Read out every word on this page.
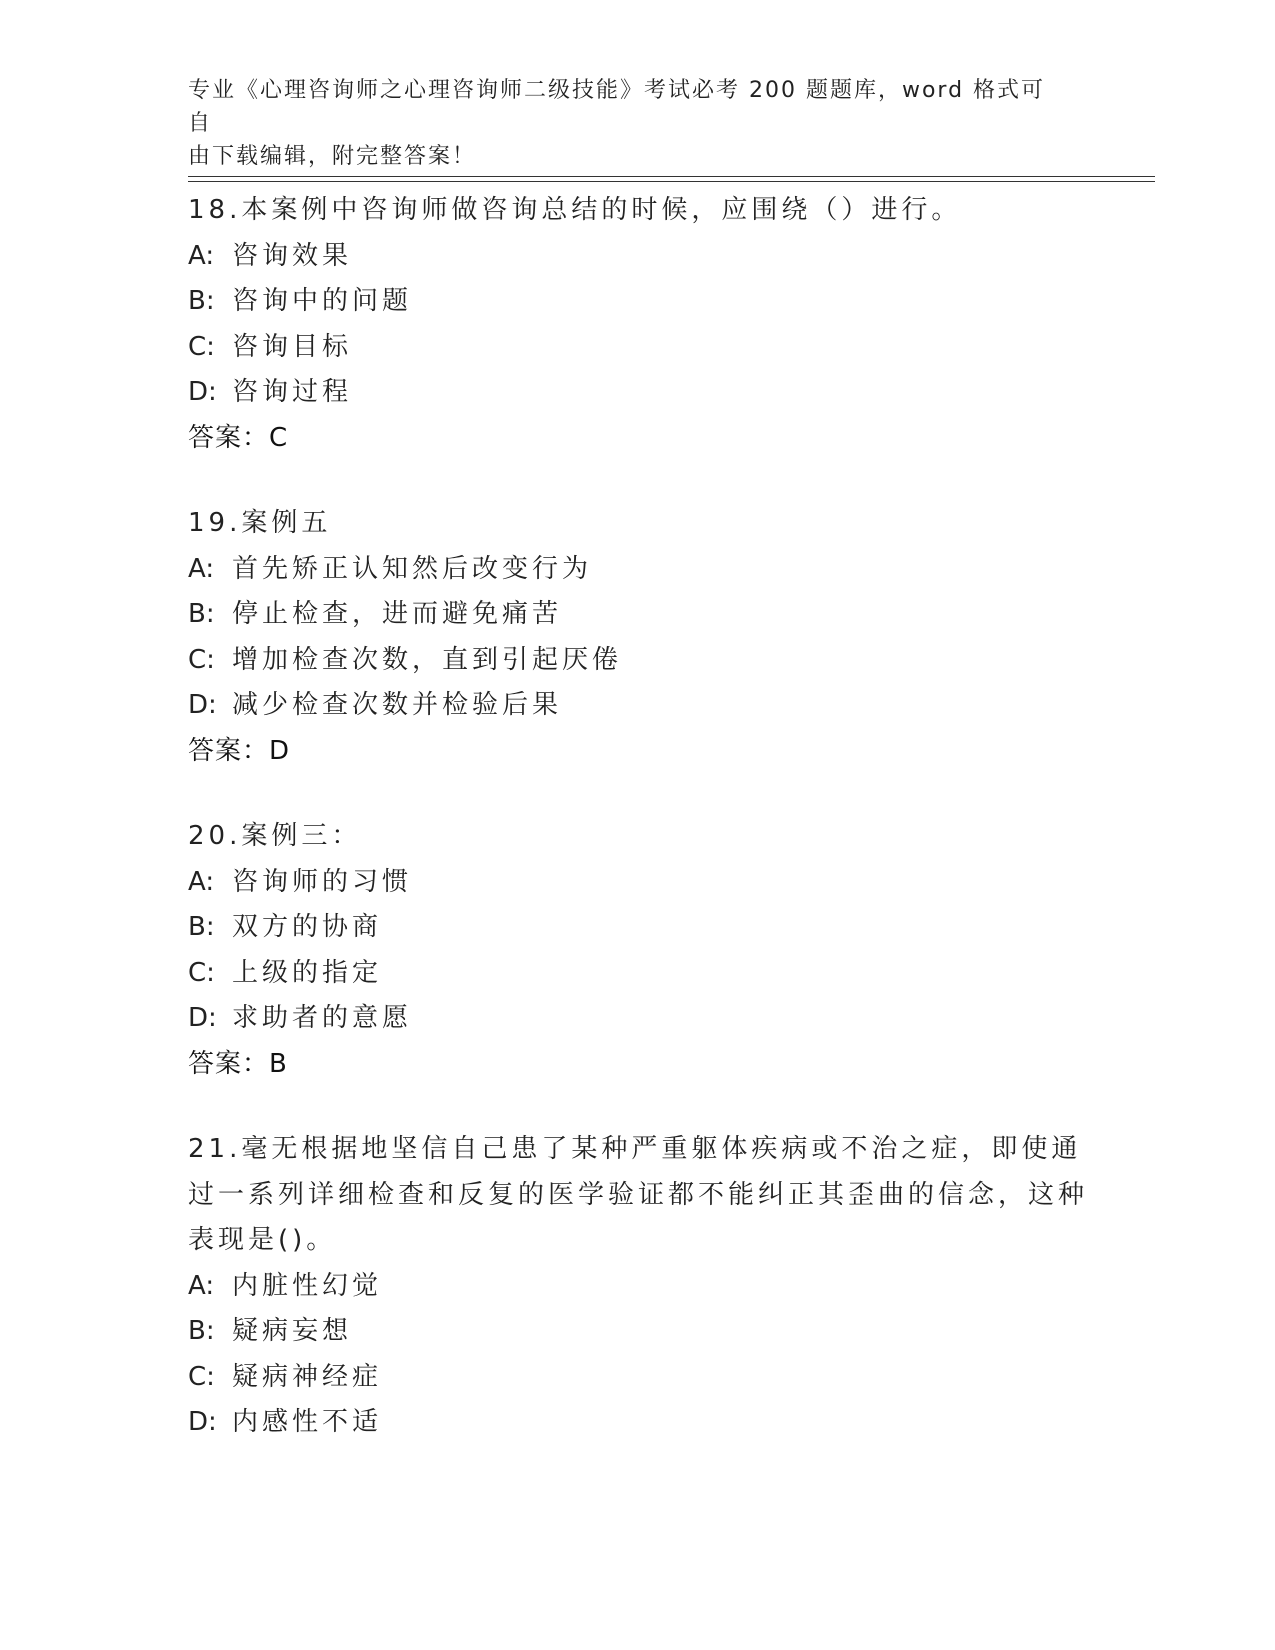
专业《心理咨询师之心理咨询师二级技能》考试必考 200 题题库，word 格式可自
由下载编辑，附完整答案！

18.本案例中咨询师做咨询总结的时候，应围绕（）进行。

A: 咨询效果

B: 咨询中的问题

C: 咨询目标

D: 咨询过程

答案：C

19.案例五

A: 首先矫正认知然后改变行为

B: 停止检查，进而避免痛苦

C: 增加检查次数，直到引起厌倦

D: 减少检查次数并检验后果

答案：D

20.案例三：

A: 咨询师的习惯

B: 双方的协商

C: 上级的指定

D: 求助者的意愿

答案：B

21.毫无根据地坚信自己患了某种严重躯体疾病或不治之症，即使通过一系列详细检查和反复的医学验证都不能纠正其歪曲的信念，这种表现是()。

A: 内脏性幻觉

B: 疑病妄想

C: 疑病神经症

D: 内感性不适
